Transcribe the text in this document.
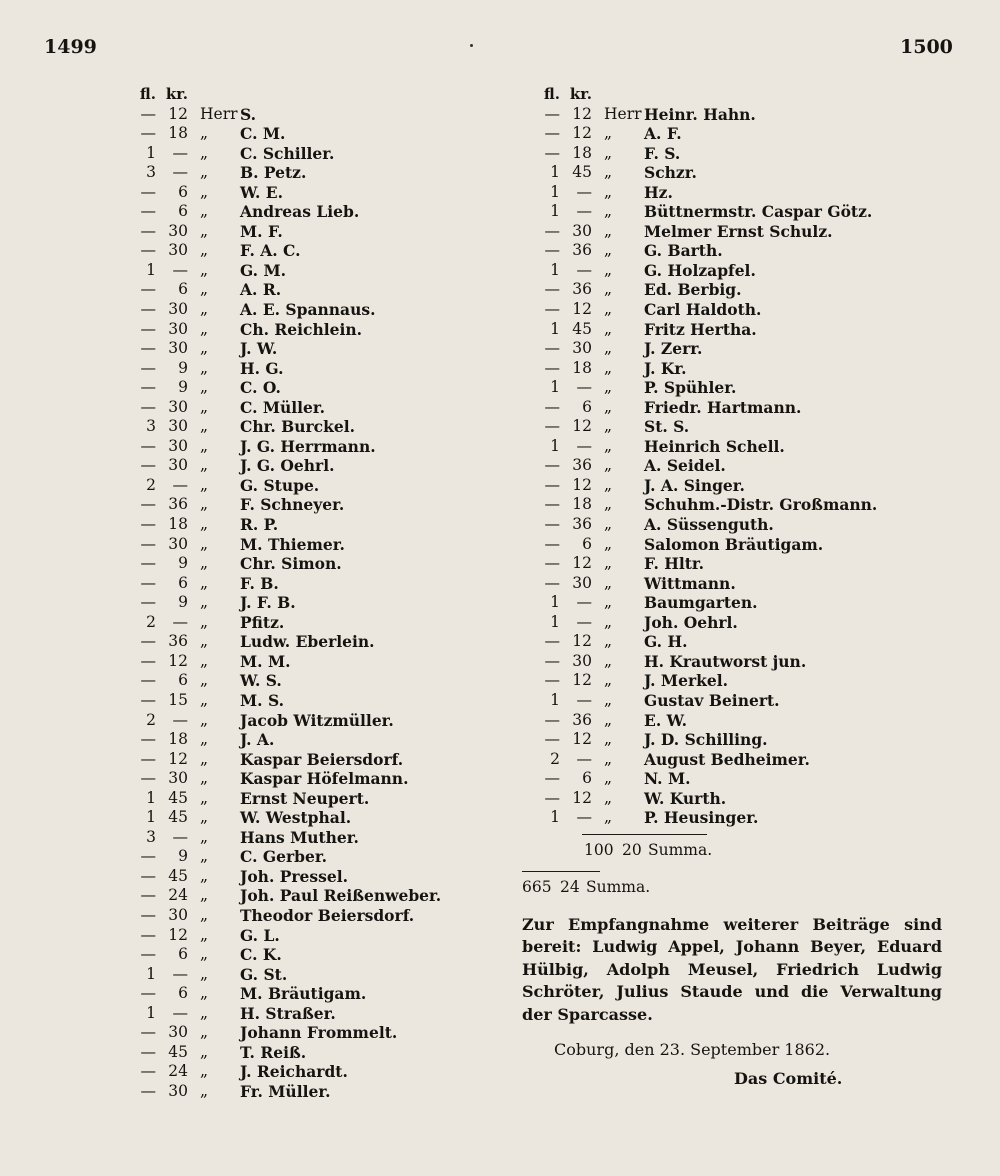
1499	1500
fl. kr.
— 12 Herr S.
— 18 „ C. M.
1	— „ C. Schiller.
3	— „ B. Petz.
—	6 „ W. E.
—	6 „ Andreas Lieb.
— 30 „ M. F.
— 30 „ F. A. C.
1	— „ G. M.
—	6 „ A. R.
— 30 „ A. E. Spannaus.
— 30 „ Ch. Reichlein.
— 30 „ J. W.
—	9 „ H. G.
—	9 „ C. O.
— 30 „ C. Müller.
3 30 „ Chr. Burckel.
— 30 „ J. G. Herrmann.
— 30 „ J. G. Oehrl.
2	— „ G. Stupe.
— 36 „ F. Schneyer.
— 18 „ R. P.
— 30 „ M. Thiemer.
—	9 „ Chr. Simon.
—	6 „ F. B.
—	9 „ J. F. B.
2	— „ Pfitz.
— 36 „ Ludw. Eberlein.
— 12 „ M. M.
—	6 „ W. S.
— 15 „ M. S.
2	— „ Jacob Witzmüller.
— 18 „ J. A.
— 12 „ Kaspar Beiersdorf.
— 30 „ Kaspar Höfelmann.
1 45 „ Ernst Neupert.
1 45 „ W. Westphal.
3	— „ Hans Muther.
—	9 „ C. Gerber.
— 45 „ Joh. Pressel.
— 24 „ Joh. Paul Reißenweber.
— 30 „ Theodor Beiersdorf.
— 12 „ G. L.
—	6 „ C. K.
1	— „ G. St.
—	6 „ M. Bräutigam.
1	— „ H. Straßer.
— 30 „ Johann Frommelt.
— 45 „ T. Reiß.
— 24 „ J. Reichardt.
— 30 „ Fr. Müller.
fl. kr.
— 12 Herr Heinr. Hahn.
— 12 „ A. F.
— 18 „ F. S.
1 45 „ Schzr.
1	— „ Hz.
1	— „ Büttnermstr. Caspar Götz.
— 30 „ Melmer Ernst Schulz.
— 36 „ G. Barth.
1	— „ G. Holzapfel.
— 36 „ Ed. Berbig.
— 12 „ Carl Haldoth.
1 45 „ Fritz Hertha.
— 30 „ J. Zerr.
— 18 „ J. Kr.
1	— „ P. Spühler.
—	6 „ Friedr. Hartmann.
— 12 „ St. S.
1	— „ Heinrich Schell.
— 36 „ A. Seidel.
— 12 „ J. A. Singer.
— 18 „ Schuhm.-Distr. Großmann.
— 36 „ A. Süssenguth.
—	6 „ Salomon Bräutigam.
— 12 „ F. Hltr.
— 30 „ Wittmann.
1	— „ Baumgarten.
1	— „ Joh. Oehrl.
— 12 „ G. H.
— 30 „ H. Krautworst jun.
— 12 „ J. Merkel.
1	— „ Gustav Beinert.
— 36 „ E. W.
— 12 „ J. D. Schilling.
2	— „ August Bedheimer.
—	6 „ N. M.
— 12 „ W. Kurth.
1	— „ P. Heusinger.
100 20 Summa.
665 24 Summa.
Zur Empfangnahme weiterer Beiträge sind bereit: Ludwig Appel, Johann Beyer, Eduard Hülbig, Adolph Meusel, Friedrich Ludwig Schröter, Julius Staude und die Verwaltung der Sparcasse.
Coburg, den 23. September 1862.
Das Comité.
